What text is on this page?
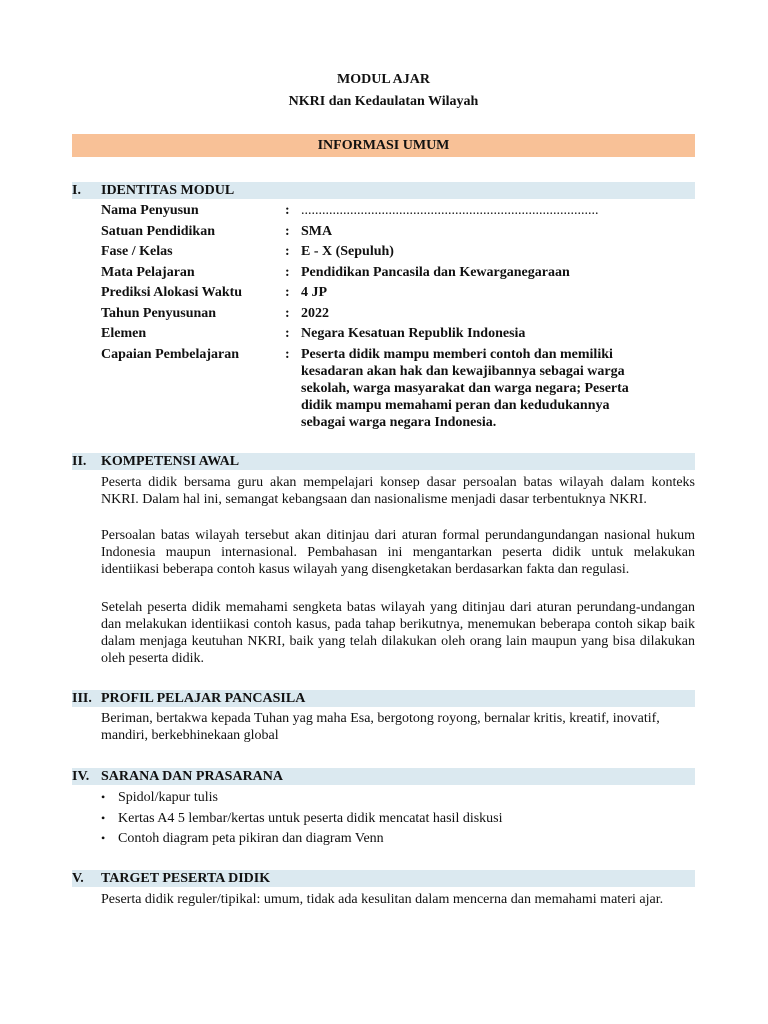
MODUL AJAR
NKRI dan Kedaulatan Wilayah
INFORMASI UMUM
I. IDENTITAS MODUL
Nama Penyusun	: .....................................................................................
Satuan Pendidikan	: SMA
Fase / Kelas	: E - X (Sepuluh)
Mata Pelajaran	: Pendidikan Pancasila dan Kewarganegaraan
Prediksi Alokasi Waktu	: 4 JP
Tahun Penyusunan	: 2022
Elemen	: Negara Kesatuan Republik Indonesia
Capaian Pembelajaran	: Peserta didik mampu memberi contoh dan memiliki
kesadaran akan hak dan kewajibannya sebagai warga
sekolah, warga masyarakat dan warga negara; Peserta
didik mampu memahami peran dan kedudukannya
sebagai warga negara Indonesia.
II. KOMPETENSI AWAL
Peserta didik bersama guru akan mempelajari konsep dasar persoalan batas wilayah dalam konteks NKRI. Dalam hal ini, semangat kebangsaan dan nasionalisme menjadi dasar terbentuknya NKRI.
Persoalan batas wilayah tersebut akan ditinjau dari aturan formal perundangundangan nasional hukum Indonesia maupun internasional. Pembahasan ini mengantarkan peserta didik untuk melakukan identiikasi beberapa contoh kasus wilayah yang disengketakan berdasarkan fakta dan regulasi.
Setelah peserta didik memahami sengketa batas wilayah yang ditinjau dari aturan perundang-undangan dan melakukan identiikasi contoh kasus, pada tahap berikutnya, menemukan beberapa contoh sikap baik dalam menjaga keutuhan NKRI, baik yang telah dilakukan oleh orang lain maupun yang bisa dilakukan oleh peserta didik.
III. PROFIL PELAJAR PANCASILA
Beriman, bertakwa kepada Tuhan yag maha Esa, bergotong royong, bernalar kritis, kreatif, inovatif, mandiri, berkebhinekaan global
IV. SARANA DAN PRASARANA
• Spidol/kapur tulis
• Kertas A4 5 lembar/kertas untuk peserta didik mencatat hasil diskusi
• Contoh diagram peta pikiran dan diagram Venn
V. TARGET PESERTA DIDIK
Peserta didik reguler/tipikal: umum, tidak ada kesulitan dalam mencerna dan memahami materi ajar.
